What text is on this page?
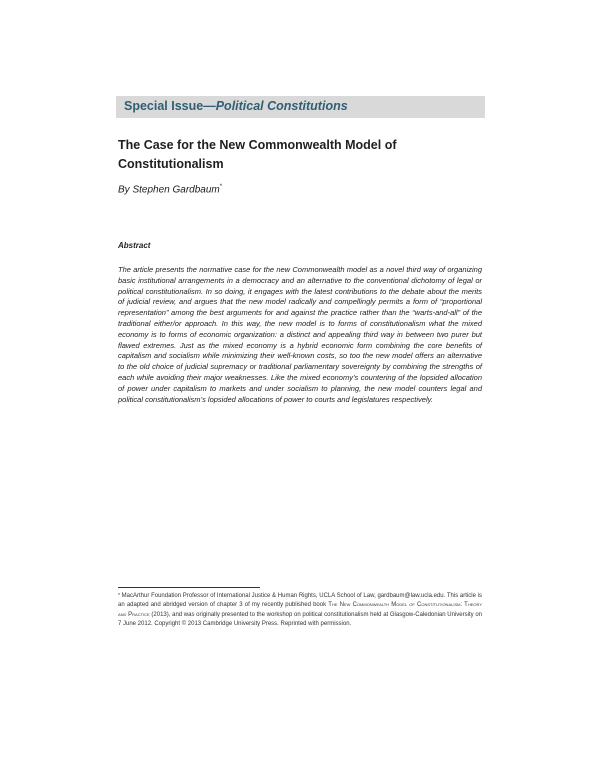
Special Issue—Political Constitutions
The Case for the New Commonwealth Model of Constitutionalism
By Stephen Gardbaum*
Abstract
The article presents the normative case for the new Commonwealth model as a novel third way of organizing basic institutional arrangements in a democracy and an alternative to the conventional dichotomy of legal or political constitutionalism. In so doing, it engages with the latest contributions to the debate about the merits of judicial review, and argues that the new model radically and compellingly permits a form of “proportional representation” among the best arguments for and against the practice rather than the “warts-and-all” of the traditional either/or approach. In this way, the new model is to forms of constitutionalism what the mixed economy is to forms of economic organization: a distinct and appealing third way in between two purer but flawed extremes. Just as the mixed economy is a hybrid economic form combining the core benefits of capitalism and socialism while minimizing their well-known costs, so too the new model offers an alternative to the old choice of judicial supremacy or traditional parliamentary sovereignty by combining the strengths of each while avoiding their major weaknesses. Like the mixed economy’s countering of the lopsided allocation of power under capitalism to markets and under socialism to planning, the new model counters legal and political constitutionalism’s lopsided allocations of power to courts and legislatures respectively.
* MacArthur Foundation Professor of International Justice & Human Rights, UCLA School of Law, gardbaum@law.ucla.edu. This article is an adapted and abridged version of chapter 3 of my recently published book The New Commonwealth Model of Constitutionalism: Theory and Practice (2013), and was originally presented to the workshop on political constitutionalism held at Glasgow-Caledonian University on 7 June 2012. Copyright © 2013 Cambridge University Press. Reprinted with permission.
